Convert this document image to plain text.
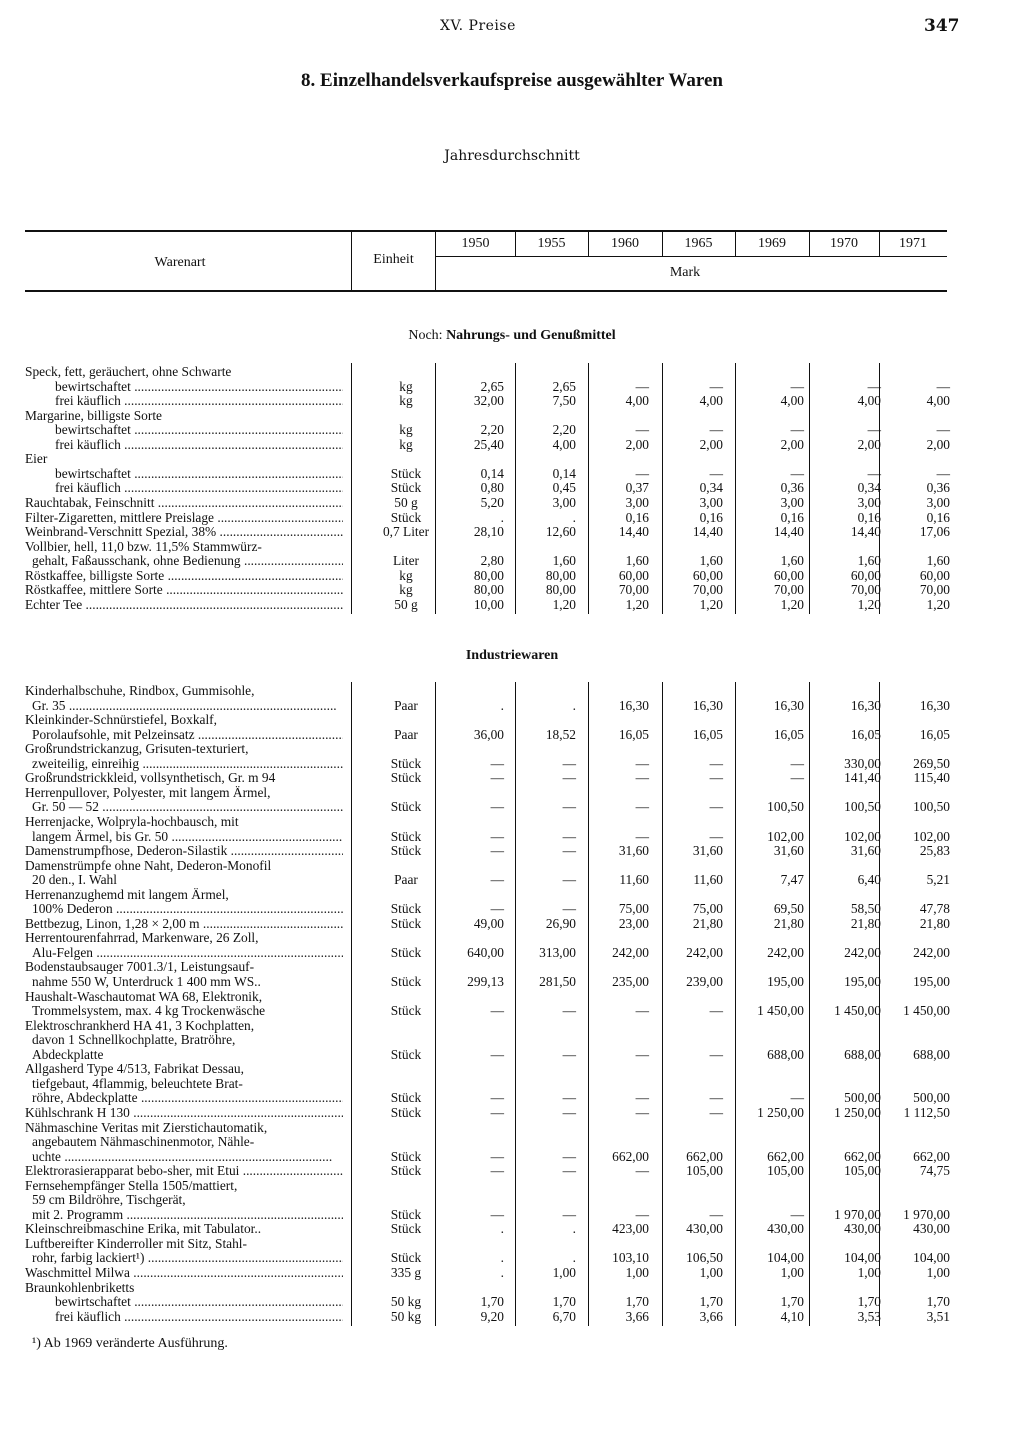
XV. Preise	347
8. Einzelhandelsverkaufspreise ausgewählter Waren
Jahresdurchschnitt
Warenart	Einheit
1950	1955	1960	1965	1969	1970	1971
Mark
Noch: Nahrungs- und Genußmittel
Speck, fett, geräuchert, ohne Schwarte
bewirtschaftet .....	kg	2,65	2,65	—	—	—	—	—
frei käuflich .....	kg	32,00	7,50	4,00	4,00	4,00	4,00	4,00
Margarine, billigste Sorte
bewirtschaftet .....	kg	2,20	2,20	—	—	—	—	—
frei käuflich .....	kg	25,40	4,00	2,00	2,00	2,00	2,00	2,00
Eier
bewirtschaftet .....	Stück	0,14	0,14	—	—	—	—	—
frei käuflich .....	Stück	0,80	0,45	0,37	0,34	0,36	0,34	0,36
Rauchtabak, Feinschnitt .....	50 g	5,20	3,00	3,00	3,00	3,00	3,00	3,00
Filter-Zigaretten, mittlere Preislage .....	Stück	.	.	0,16	0,16	0,16	0,16	0,16
Weinbrand-Verschnitt Spezial, 38% .....	0,7 Liter	28,10	12,60	14,40	14,40	14,40	14,40	17,06
Vollbier, hell, 11,0 bzw. 11,5% Stammwürz-
gehalt, Faßausschank, ohne Bedienung .....	Liter	2,80	1,60	1,60	1,60	1,60	1,60	1,60
Röstkaffee, billigste Sorte .....	kg	80,00	80,00	60,00	60,00	60,00	60,00	60,00
Röstkaffee, mittlere Sorte .....	kg	80,00	80,00	70,00	70,00	70,00	70,00	70,00
Echter Tee .....	50 g	10,00	1,20	1,20	1,20	1,20	1,20	1,20
Industriewaren
Kinderhalbschuhe, Rindbox, Gummisohle,
Gr. 35 .....	Paar	.	.	16,30	16,30	16,30	16,30	16,30
Kleinkinder-Schnürstiefel, Boxkalf,
Porolaufsohle, mit Pelzeinsatz .....	Paar	36,00	18,52	16,05	16,05	16,05	16,05	16,05
Großrundstrickanzug, Grisuten-texturiert,
zweiteilig, einreihig .....	Stück	—	—	—	—	—	330,00	269,50
Großrundstrickkleid, vollsynthetisch, Gr. m 94	Stück	—	—	—	—	—	141,40	115,40
Herrenpullover, Polyester, mit langem Ärmel,
Gr. 50 — 52 .....	Stück	—	—	—	—	100,50	100,50	100,50
Herrenjacke, Wolpryla-hochbausch, mit
langem Ärmel, bis Gr. 50 .....	Stück	—	—	—	—	102,00	102,00	102,00
Damenstrumpfhose, Dederon-Silastik .....	Stück	—	—	31,60	31,60	31,60	31,60	25,83
Damenstrümpfe ohne Naht, Dederon-Monofil
20 den., I. Wahl	Paar	—	—	11,60	11,60	7,47	6,40	5,21
Herrenanzughemd mit langem Ärmel,
100% Dederon .....	Stück	—	—	75,00	75,00	69,50	58,50	47,78
Bettbezug, Linon, 1,28 × 2,00 m .....	Stück	49,00	26,90	23,00	21,80	21,80	21,80	21,80
Herrentourenfahrrad, Markenware, 26 Zoll,
Alu-Felgen .....	Stück	640,00	313,00	242,00	242,00	242,00	242,00	242,00
Bodenstaubsauger 7001.3/1, Leistungsauf-
nahme 550 W, Unterdruck 1 400 mm WS..	Stück	299,13	281,50	235,00	239,00	195,00	195,00	195,00
Haushalt-Waschautomat WA 68, Elektronik,
Trommelsystem, max. 4 kg Trockenwäsche	Stück	—	—	—	—	1 450,00	1 450,00	1 450,00
Elektroschrankherd HA 41, 3 Kochplatten,
davon 1 Schnellkochplatte, Bratröhre,
Abdeckplatte	Stück	—	—	—	—	688,00	688,00	688,00
Allgasherd Type 4/513, Fabrikat Dessau,
tiefgebaut, 4flammig, beleuchtete Brat-
röhre, Abdeckplatte .....	Stück	—	—	—	—	—	500,00	500,00
Kühlschrank H 130 .....	Stück	—	—	—	—	1 250,00	1 250,00	1 112,50
Nähmaschine Veritas mit Zierstichautomatik,
angebautem Nähmaschinenmotor, Nähle-
uchte .....	Stück	—	—	662,00	662,00	662,00	662,00	662,00
Elektrorasierapparat bebo-sher, mit Etui .....	Stück	—	—	—	105,00	105,00	105,00	74,75
Fernsehempfänger Stella 1505/mattiert,
59 cm Bildröhre, Tischgerät,
mit 2. Programm .....	Stück	—	—	—	—	—	1 970,00	1 970,00
Kleinschreibmaschine Erika, mit Tabulator..	Stück	.	.	423,00	430,00	430,00	430,00	430,00
Luftbereifter Kinderroller mit Sitz, Stahl-
rohr, farbig lackiert¹) .....	Stück	.	.	103,10	106,50	104,00	104,00	104,00
Waschmittel Milwa .....	335 g	.	1,00	1,00	1,00	1,00	1,00	1,00
Braunkohlenbriketts
bewirtschaftet .....	50 kg	1,70	1,70	1,70	1,70	1,70	1,70	1,70
frei käuflich .....	50 kg	9,20	6,70	3,66	3,66	4,10	3,53	3,51
¹) Ab 1969 veränderte Ausführung.
